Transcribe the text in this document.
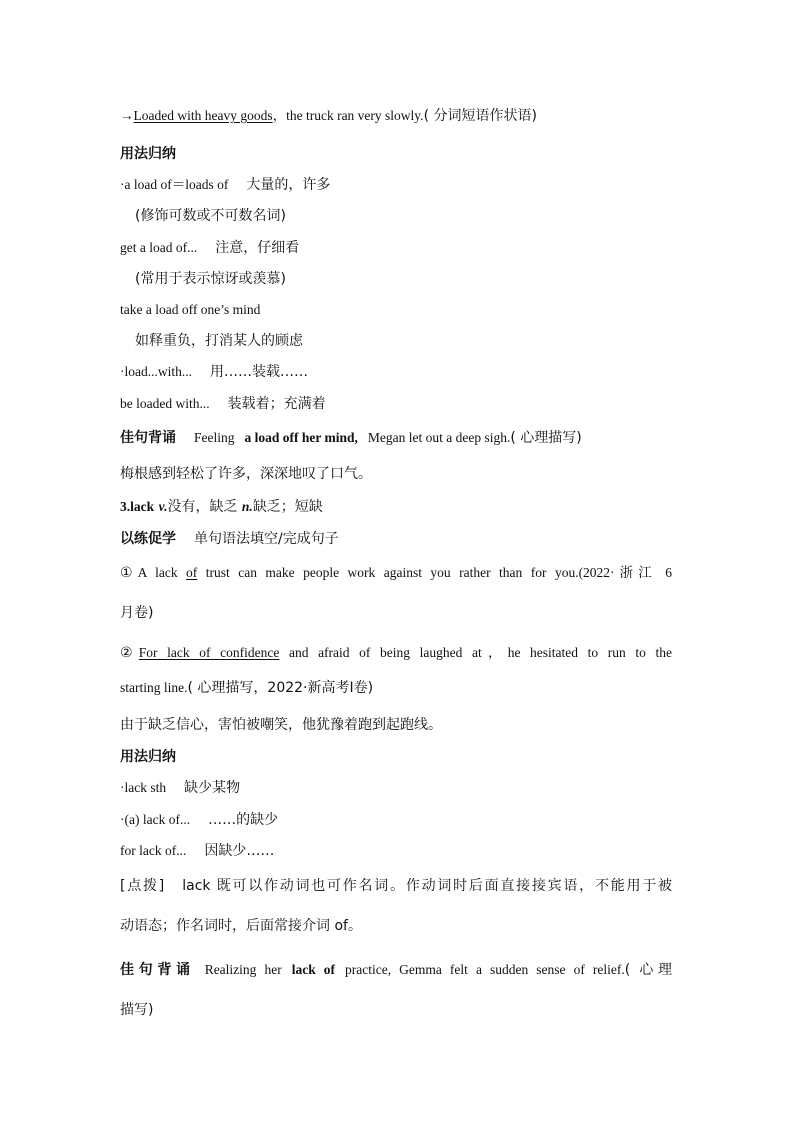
→Loaded with heavy goods，the truck ran very slowly.( 分词短语作状语)
用法归纳
·a load of＝loads of 大量的，许多
(修饰可数或不可数名词)
get a load of... 注意，仔细看
(常用于表示惊讶或羡慕)
take a load off one’s mind
如释重负，打消某人的顾虑
·load...with... 用……装载……
be loaded with... 装载着；充满着
佳句背诵 Feeling a load off her mind, Megan let out a deep sigh.( 心理描写)
梅根感到轻松了许多，深深地叹了口气。
3.lack v.没有，缺乏 n.缺乏；短缺
以练促学 单句语法填空/完成句子
①A lack of trust can make people work against you rather than for you.(2022·浙江 6
月卷)
②For lack of confidence and afraid of being laughed at，he hesitated to run to the
starting line.( 心理描写，2022·新高考Ⅰ卷)
由于缺乏信心，害怕被嘲笑，他犹豫着跑到起跑线。
用法归纳
·lack sth 缺少某物
·(a) lack of... ……的缺少
for lack of... 因缺少……
[点拨] lack 既可以作动词也可作名词。作动词时后面直接接宾语，不能用于被
动语态；作名词时，后面常接介词 of。
佳句背诵 Realizing her lack of practice, Gemma felt a sudden sense of relief.( 心理
描写)
